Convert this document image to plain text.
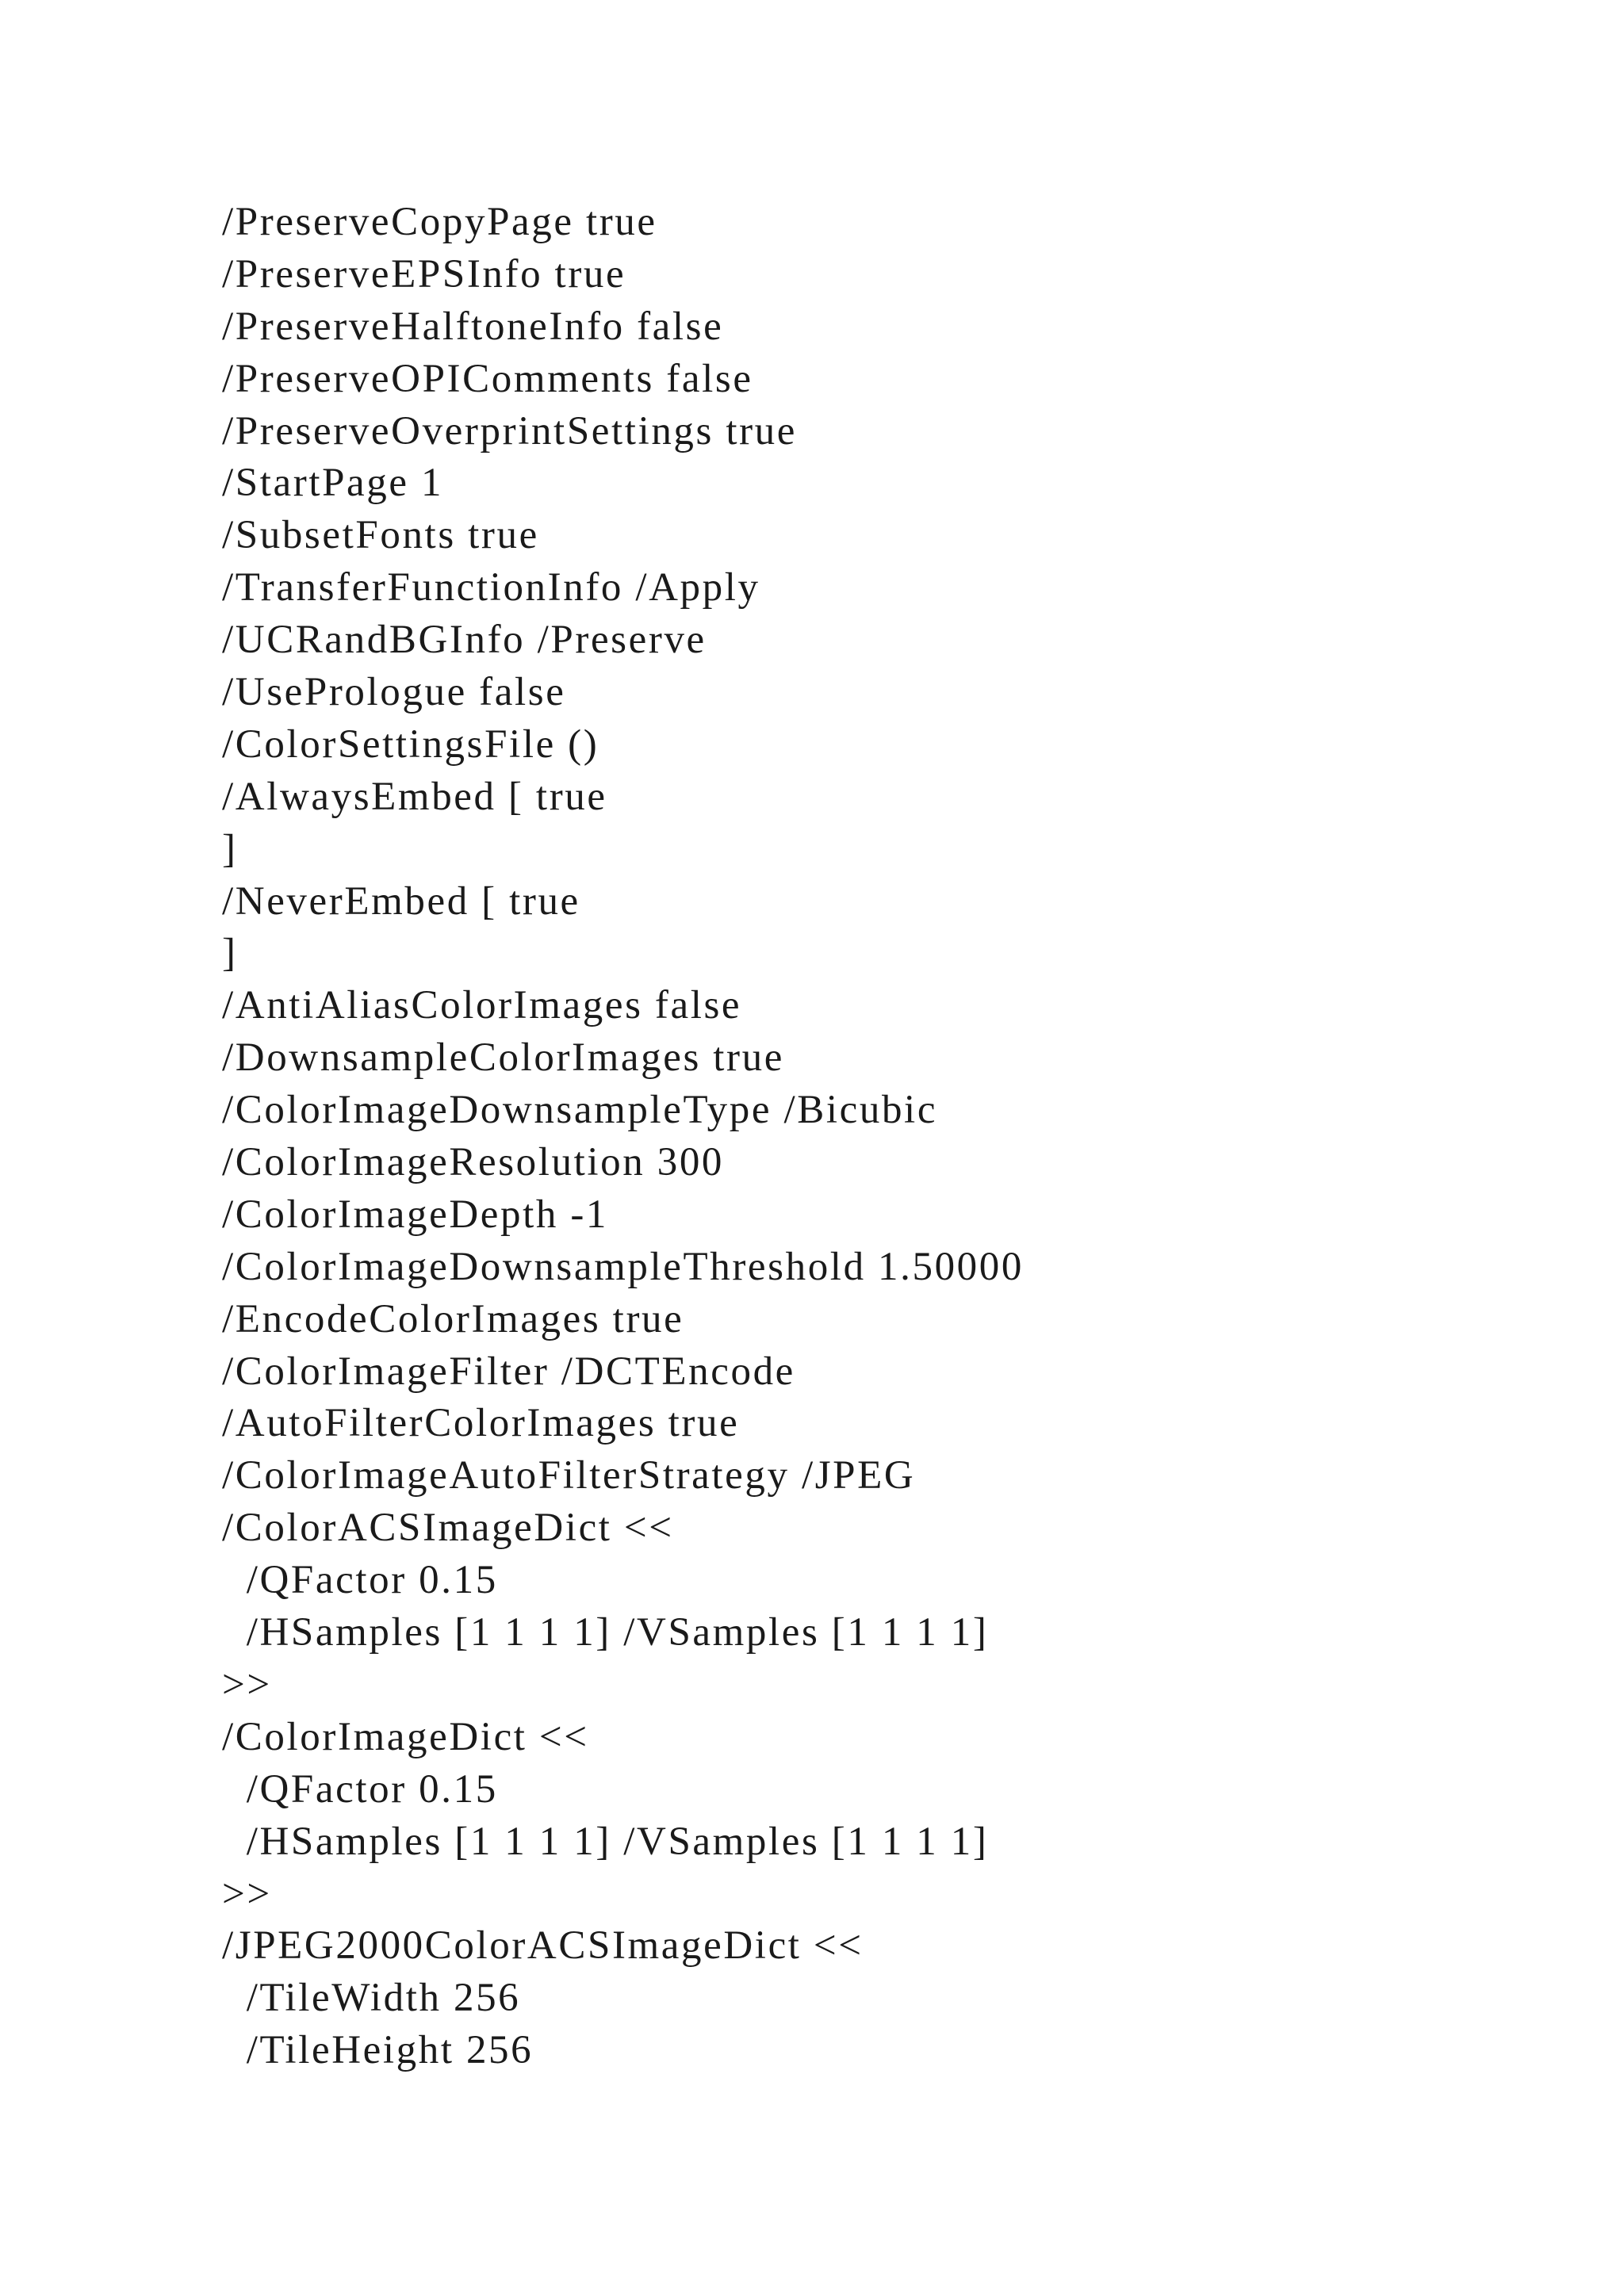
/PreserveCopyPage true
/PreserveEPSInfo true
/PreserveHalftoneInfo false
/PreserveOPIComments false
/PreserveOverprintSettings true
/StartPage 1
/SubsetFonts true
/TransferFunctionInfo /Apply
/UCRandBGInfo /Preserve
/UsePrologue false
/ColorSettingsFile ()
/AlwaysEmbed [ true
]
/NeverEmbed [ true
]
/AntiAliasColorImages false
/DownsampleColorImages true
/ColorImageDownsampleType /Bicubic
/ColorImageResolution 300
/ColorImageDepth -1
/ColorImageDownsampleThreshold 1.50000
/EncodeColorImages true
/ColorImageFilter /DCTEncode
/AutoFilterColorImages true
/ColorImageAutoFilterStrategy /JPEG
/ColorACSImageDict <<
/QFactor 0.15
/HSamples [1 1 1 1] /VSamples [1 1 1 1]
>>
/ColorImageDict <<
/QFactor 0.15
/HSamples [1 1 1 1] /VSamples [1 1 1 1]
>>
/JPEG2000ColorACSImageDict <<
/TileWidth 256
/TileHeight 256
